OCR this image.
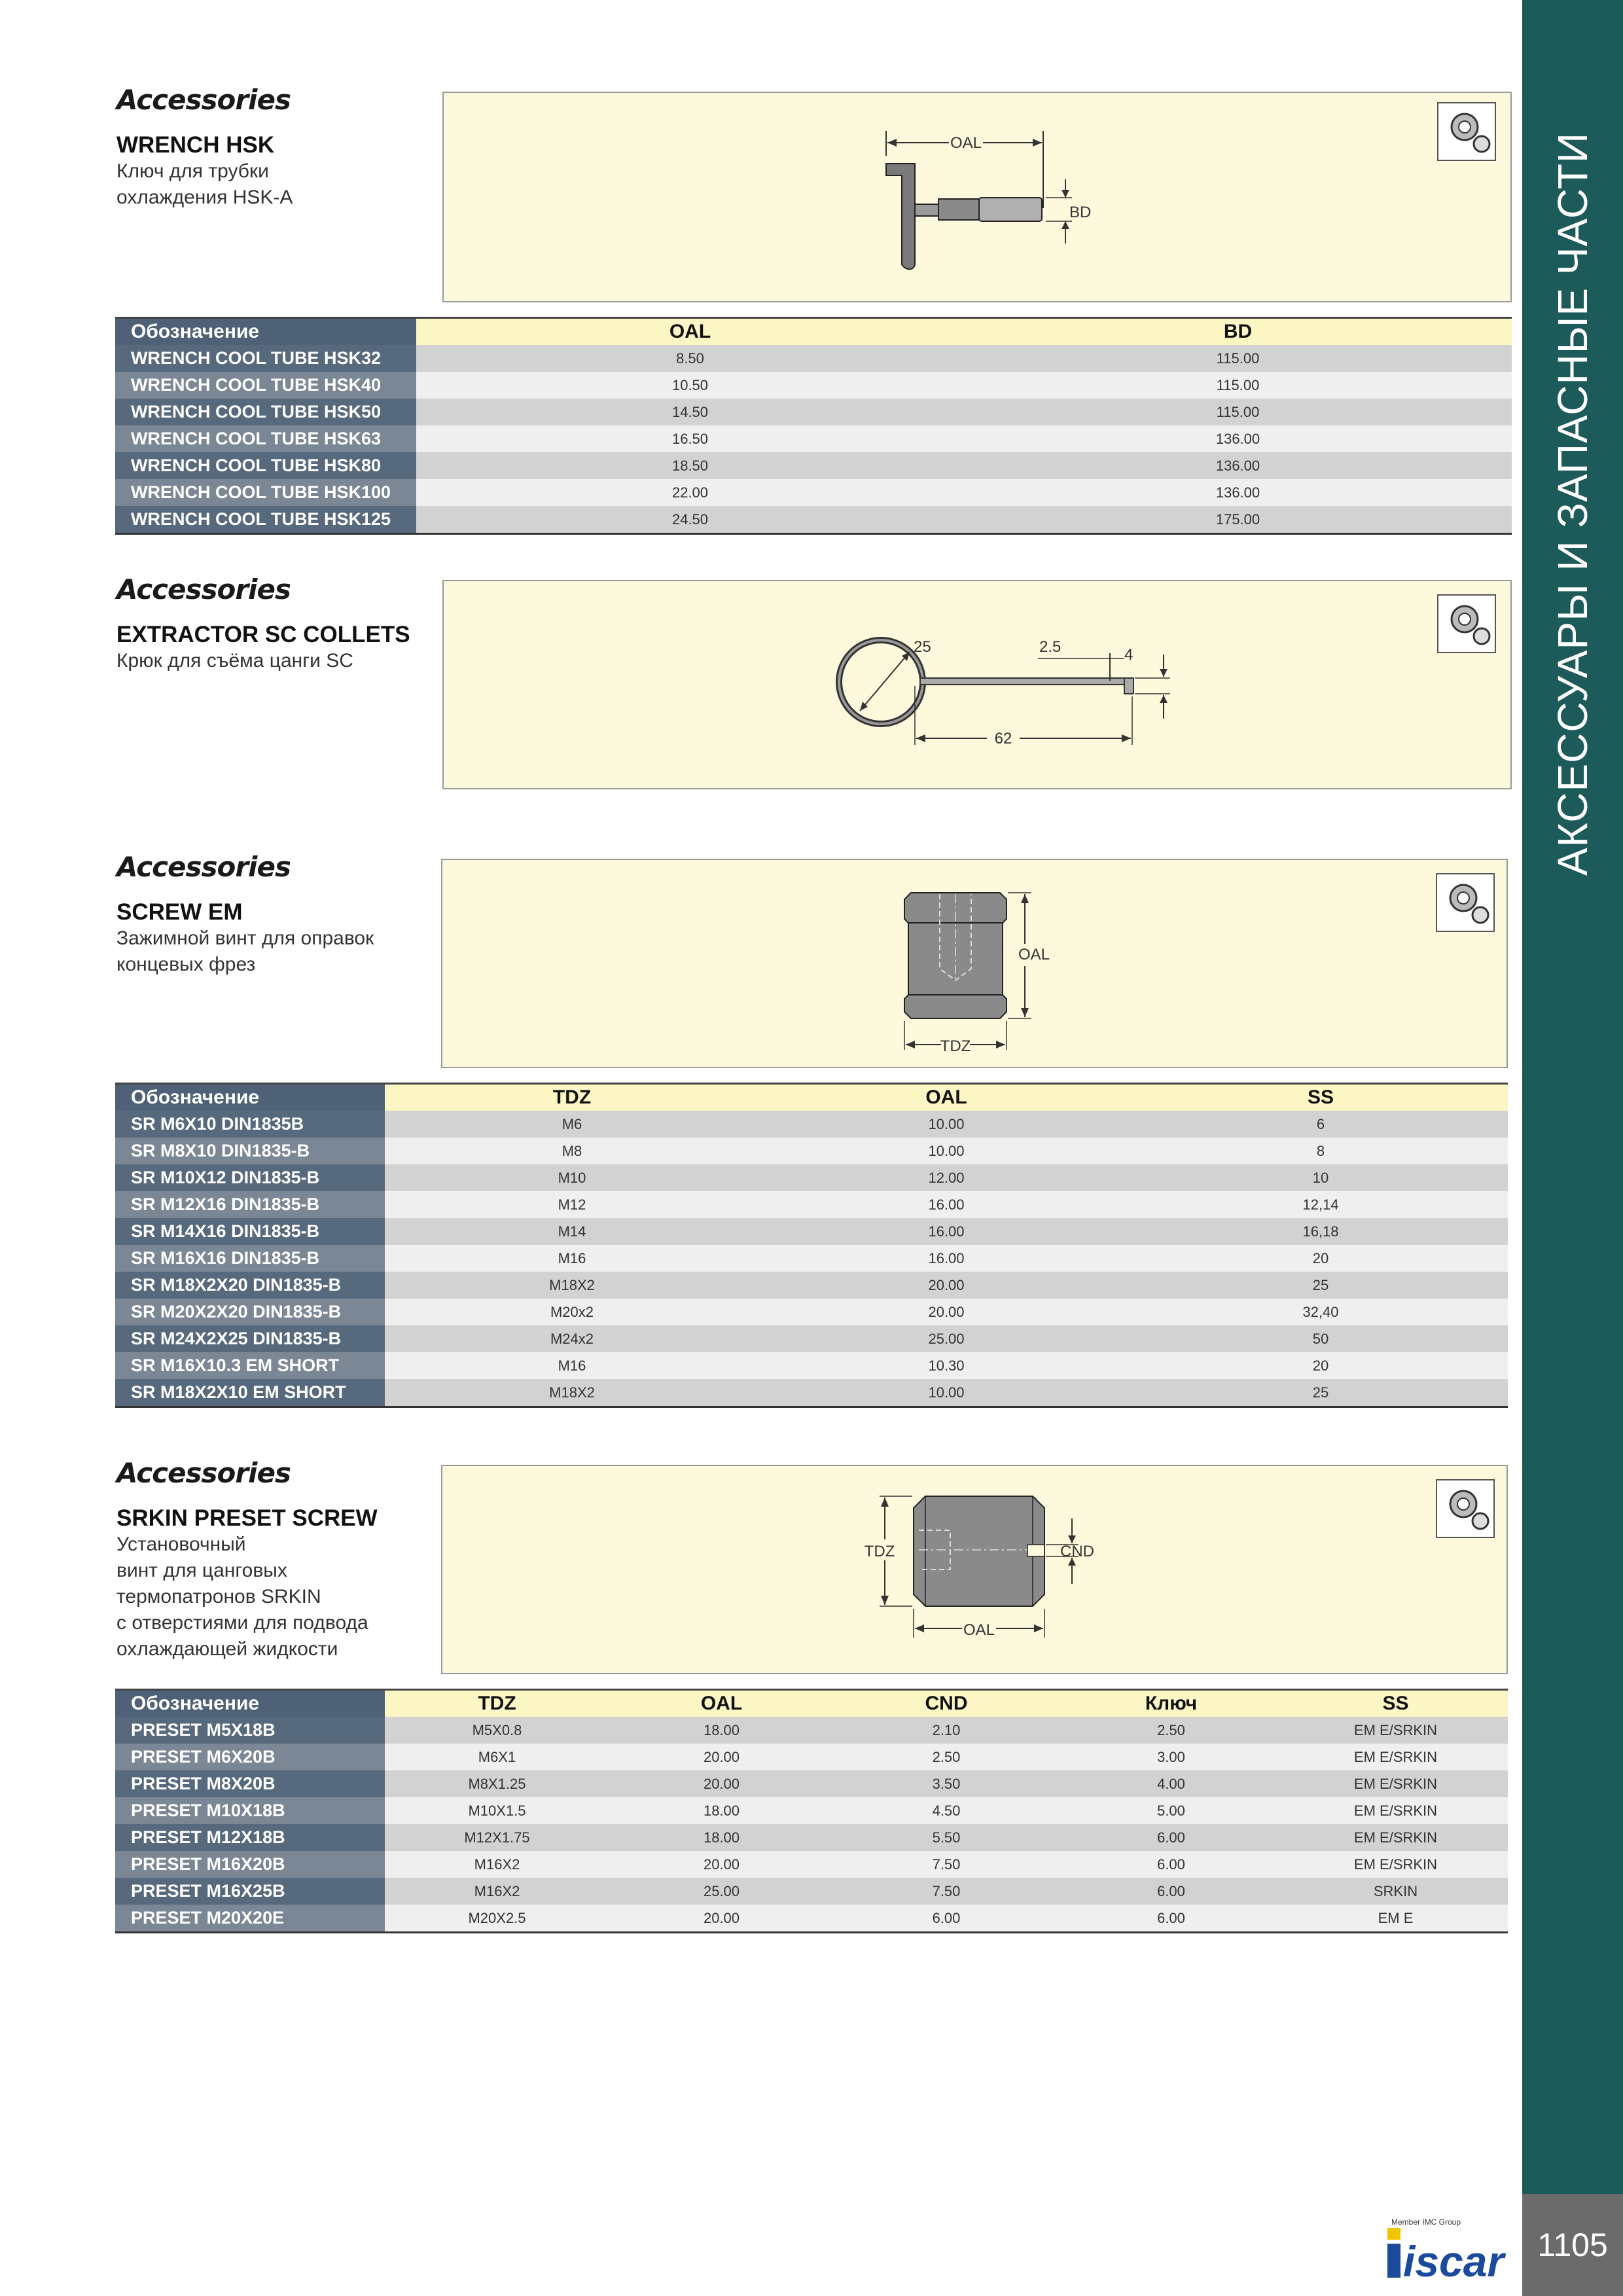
АКСЕССУАРЫ И ЗАПАСНЫЕ ЧАСТИ
1105
Member IMC Group
iscar
Accessories
WRENCH HSK
Ключ для трубки
охлаждения HSK-A
OAL
BD
Обозначение	OAL	BD
WRENCH COOL TUBE HSK32	8.50	115.00
WRENCH COOL TUBE HSK40	10.50	115.00
WRENCH COOL TUBE HSK50	14.50	115.00
WRENCH COOL TUBE HSK63	16.50	136.00
WRENCH COOL TUBE HSK80	18.50	136.00
WRENCH COOL TUBE HSK100	22.00	136.00
WRENCH COOL TUBE HSK125	24.50	175.00
Accessories
EXTRACTOR SC COLLETS
Крюк для съёма цанги SC
25	2.5	4
62
Accessories
SCREW EM
Зажимной винт для оправок
концевых фрез	OAL
TDZ
Обозначение	TDZ	OAL	SS
SR M6X10 DIN1835B	M6	10.00	6
SR M8X10 DIN1835-B	M8	10.00	8
SR M10X12 DIN1835-B	M10	12.00	10
SR M12X16 DIN1835-B	M12	16.00	12,14
SR M14X16 DIN1835-B	M14	16.00	16,18
SR M16X16 DIN1835-B	M16	16.00	20
SR M18X2X20 DIN1835-B	M18X2	20.00	25
SR M20X2X20 DIN1835-B	M20x2	20.00	32,40
SR M24X2X25 DIN1835-B	M24x2	25.00	50
SR M16X10.3 EM SHORT	M16	10.30	20
SR M18X2X10 EM SHORT	M18X2	10.00	25
Accessories
SRKIN PRESET SCREW
Установочный
винт для цанговых
термопатронов SRKIN
с отверстиями для подвода
охлаждающей жидкости
TDZ	CND
OAL
Обозначение	TDZ	OAL	CND	Ключ	SS
PRESET M5X18B	M5X0.8	18.00	2.10	2.50	EM E/SRKIN
PRESET M6X20B	M6X1	20.00	2.50	3.00	EM E/SRKIN
PRESET M8X20B	M8X1.25	20.00	3.50	4.00	EM E/SRKIN
PRESET M10X18B	M10X1.5	18.00	4.50	5.00	EM E/SRKIN
PRESET M12X18B	M12X1.75	18.00	5.50	6.00	EM E/SRKIN
PRESET M16X20B	M16X2	20.00	7.50	6.00	EM E/SRKIN
PRESET M16X25B	M16X2	25.00	7.50	6.00	SRKIN
PRESET M20X20E	M20X2.5	20.00	6.00	6.00	EM E
